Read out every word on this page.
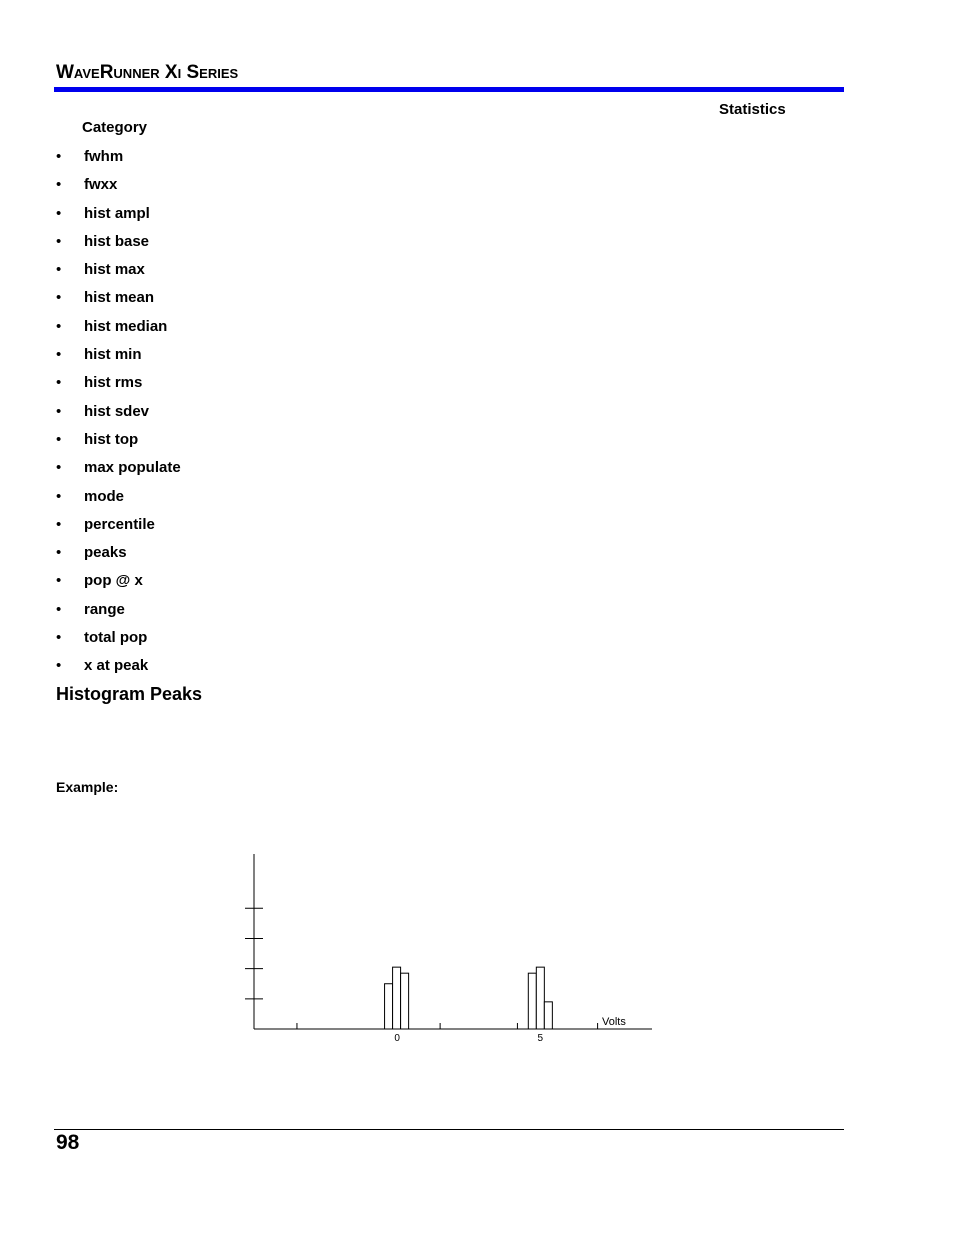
WaveRunner Xi Series
Statistics
Category
• fwhm
• fwxx
• hist ampl
• hist base
• hist max
• hist mean
• hist median
• hist min
• hist rms
• hist sdev
• hist top
• max populate
• mode
• percentile
• peaks
• pop @ x
• range
• total pop
• x at peak
Histogram Peaks
Example:
0	5
Volts
98
